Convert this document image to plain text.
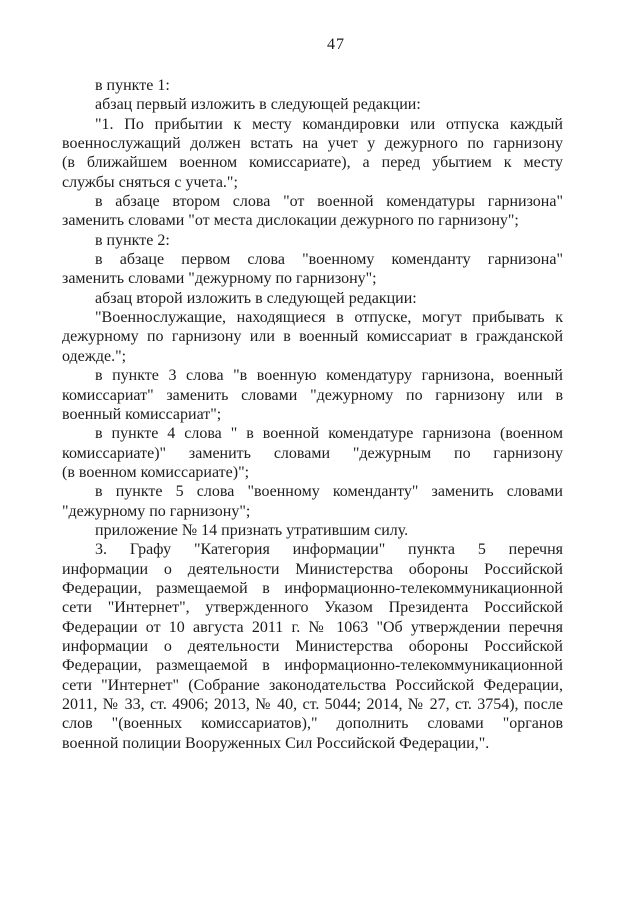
47
в пункте 1:
абзац первый изложить в следующей редакции:
"1. По прибытии к месту командировки или отпуска каждый
военнослужащий должен встать на учет у дежурного по гарнизону
(в ближайшем военном комиссариате), а перед убытием к месту
службы сняться с учета.";
в абзаце втором слова "от военной комендатуры гарнизона"
заменить словами "от места дислокации дежурного по гарнизону";
в пункте 2:
в абзаце первом слова "военному коменданту гарнизона"
заменить словами "дежурному по гарнизону";
абзац второй изложить в следующей редакции:
"Военнослужащие, находящиеся в отпуске, могут прибывать к
дежурному по гарнизону или в военный комиссариат в гражданской
одежде.";
в пункте 3 слова "в военную комендатуру гарнизона, военный
комиссариат" заменить словами "дежурному по гарнизону или в
военный комиссариат";
в пункте 4 слова " в военной комендатуре гарнизона (военном
комиссариате)" заменить словами "дежурным по гарнизону
(в военном комиссариате)";
в пункте 5 слова "военному коменданту" заменить словами
"дежурному по гарнизону";
приложение № 14 признать утратившим силу.
3. Графу "Категория информации" пункта 5 перечня
информации о деятельности Министерства обороны Российской
Федерации, размещаемой в информационно-телекоммуникационной
сети "Интернет", утвержденного Указом Президента Российской
Федерации от 10 августа 2011 г. № 1063 "Об утверждении перечня
информации о деятельности Министерства обороны Российской
Федерации, размещаемой в информационно-телекоммуникационной
сети "Интернет" (Собрание законодательства Российской Федерации,
2011, № 33, ст. 4906; 2013, № 40, ст. 5044; 2014, № 27, ст. 3754), после
слов "(военных комиссариатов)," дополнить словами "органов
военной полиции Вооруженных Сил Российской Федерации,".
